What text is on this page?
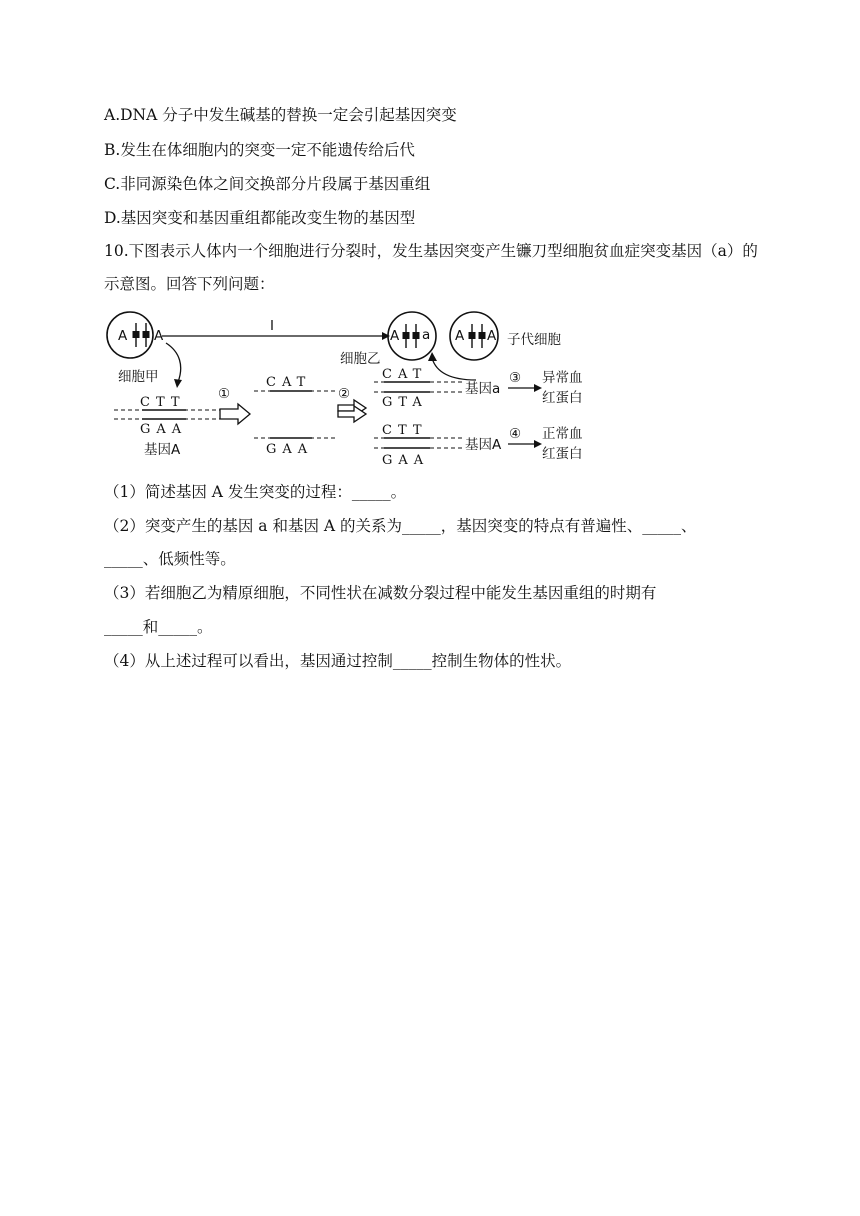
A.DNA 分子中发生碱基的替换一定会引起基因突变
B.发生在体细胞内的突变一定不能遗传给后代
C.非同源染色体之间交换部分片段属于基因重组
D.基因突变和基因重组都能改变生物的基因型
10.下图表示人体内一个细胞进行分裂时，发生基因突变产生镰刀型细胞贫血症突变基因（a）的示意图。回答下列问题：
A A
细胞甲
Ⅰ
A a
细胞乙
A A 子代细胞
CTT
GAA
基因A
①
CAT
GAA
②
CAT
GTA
基因a
③ 异常血
红蛋白
CTT
GAA
基因A
④ 正常血
红蛋白
（1）简述基因 A 发生突变的过程：_____。
（2）突变产生的基因 a 和基因 A 的关系为_____，基因突变的特点有普遍性、_____、
_____、低频性等。
（3）若细胞乙为精原细胞，不同性状在减数分裂过程中能发生基因重组的时期有
_____和_____。
（4）从上述过程可以看出，基因通过控制_____控制生物体的性状。
